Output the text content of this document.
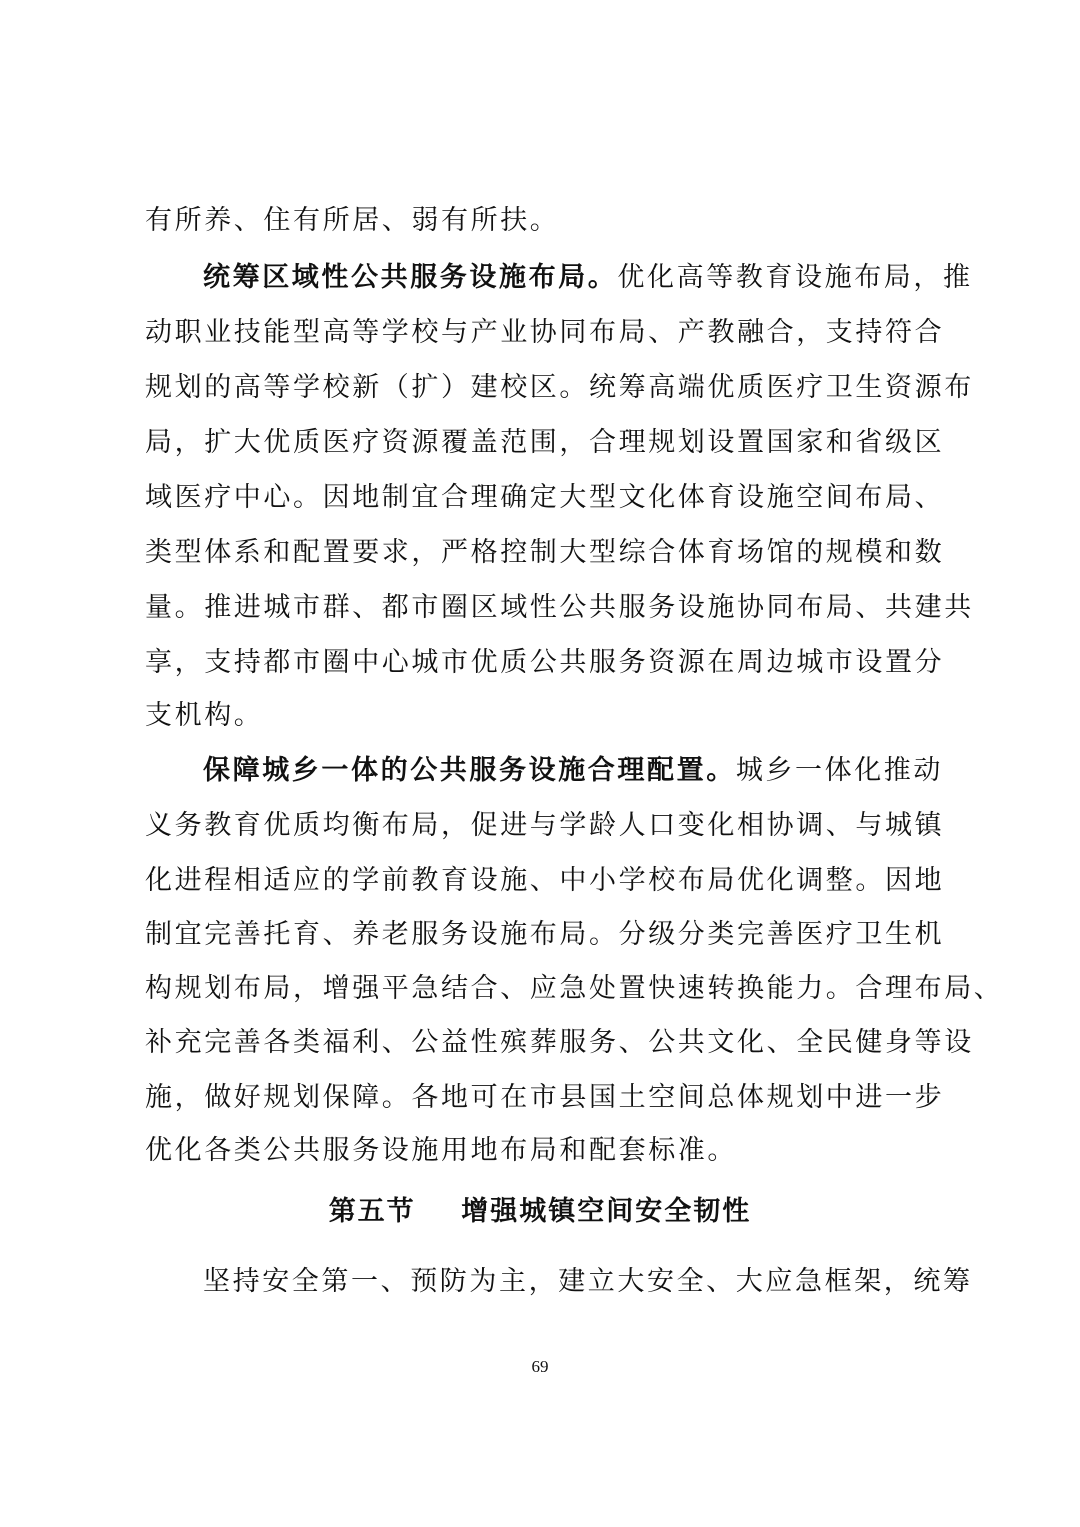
有所养、住有所居、弱有所扶。
统筹区域性公共服务设施布局。优化高等教育设施布局，推
动职业技能型高等学校与产业协同布局、产教融合，支持符合
规划的高等学校新（扩）建校区。统筹高端优质医疗卫生资源布
局，扩大优质医疗资源覆盖范围，合理规划设置国家和省级区
域医疗中心。因地制宜合理确定大型文化体育设施空间布局、
类型体系和配置要求，严格控制大型综合体育场馆的规模和数
量。推进城市群、都市圈区域性公共服务设施协同布局、共建共
享，支持都市圈中心城市优质公共服务资源在周边城市设置分
支机构。
保障城乡一体的公共服务设施合理配置。城乡一体化推动
义务教育优质均衡布局，促进与学龄人口变化相协调、与城镇
化进程相适应的学前教育设施、中小学校布局优化调整。因地
制宜完善托育、养老服务设施布局。分级分类完善医疗卫生机
构规划布局，增强平急结合、应急处置快速转换能力。合理布局、
补充完善各类福利、公益性殡葬服务、公共文化、全民健身等设
施，做好规划保障。各地可在市县国土空间总体规划中进一步
优化各类公共服务设施用地布局和配套标准。
第五节 增强城镇空间安全韧性
坚持安全第一、预防为主，建立大安全、大应急框架，统筹
69
